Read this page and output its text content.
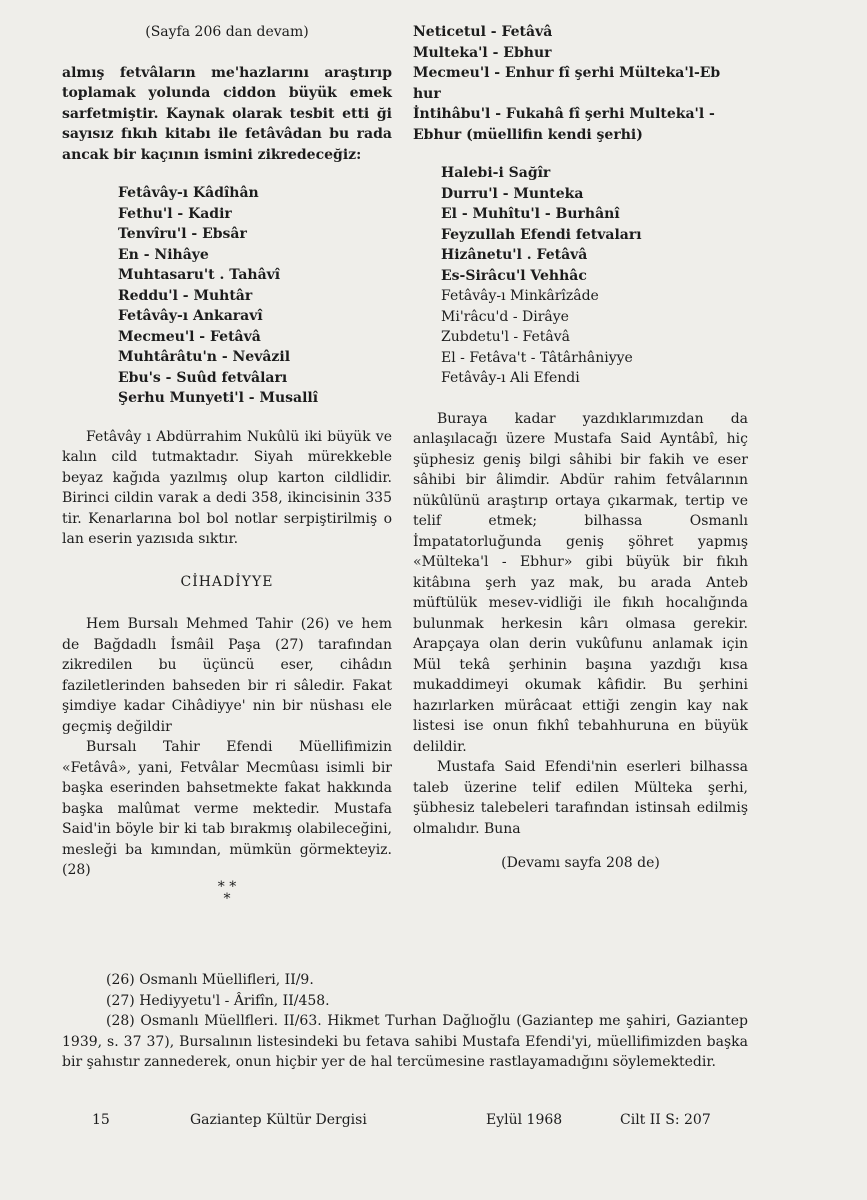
(Sayfa 206 dan devam)

almış fetvâların me'hazlarını araştırıp toplamak yolunda ciddon büyük emek sarfetmiştir. Kaynak olarak tesbit etti ği sayısız fıkıh kitabı ile fetâvâdan bu rada ancak bir kaçının ismini zikredeceğiz:

Fetâvây-ı Kâdîhân
Fethu'l - Kadir
Tenvîru'l - Ebsâr
En - Nihâye
Muhtasaru't . Tahâvî
Reddu'l - Muhtâr
Fetâvây-ı Ankaravî
Mecmeu'l - Fetâvâ
Muhtârâtu'n - Nevâzil
Ebu's - Suûd fetvâları
Şerhu Munyeti'l - Musallî

Fetâvây ı Abdürrahim Nukûlü iki büyük ve kalın cild tutmaktadır. Siyah mürekkeble beyaz kağıda yazılmış olup karton cildlidir. Birinci cildin varak a dedi 358, ikincisinin 335 tir. Kenarlarına bol bol notlar serpiştirilmiş o lan eserin yazısıda sıktır.

CİHADİYYE

Hem Bursalı Mehmed Tahir (26) ve hem de Bağdadlı İsmâil Paşa (27) tarafından zikredilen bu üçüncü eser, cihâdın faziletlerinden bahseden bir ri sâledir. Fakat şimdiye kadar Cihâdiyye' nin bir nüshası ele geçmiş değildir

Bursalı Tahir Efendi Müellifimizin «Fetâvâ», yani, Fetvâlar Mecmûası isimli bir başka eserinden bahsetmekte fakat hakkında başka malûmat verme mektedir. Mustafa Said'in böyle bir ki tab bırakmış olabileceğini, mesleği ba kımından, mümkün görmekteyiz. (28)

* *
*

Neticetul - Fetâvâ
Multeka'l - Ebhur
Mecmeu'l - Enhur fî şerhi Mülteka'l-Eb hur
İntihâbu'l - Fukahâ fî şerhi Multeka'l - Ebhur (müellifin kendi şerhi)
Halebi-i Sağîr
Durru'l - Munteka
El - Muhîtu'l - Burhânî
Feyzullah Efendi fetvaları
Hizânetu'l . Fetâvâ
Es-Sirâcu'l Vehhâc
Fetâvây-ı Minkârîzâde
Mi'râcu'd - Dirâye
Zubdetu'l - Fetâvâ
El - Fetâva't - Tâtârhâniyye
Fetâvây-ı Ali Efendi

Buraya kadar yazdıklarımızdan da anlaşılacağı üzere Mustafa Said Ayntâbî, hiç şüphesiz geniş bilgi sâhibi bir fakih ve eser sâhibi bir âlimdir. Abdür rahim fetvâlarının nükûlünü araştırıp ortaya çıkarmak, tertip ve telif etmek; bilhassa Osmanlı İmpatatorluğunda geniş şöhret yapmış «Mülteka'l - Ebhur» gibi büyük bir fıkıh kitâbına şerh yaz mak, bu arada Anteb müftülük mesev-vidliği ile fıkıh hocalığında bulunmak herkesin kârı olmasa gerekir. Arapçaya olan derin vukûfunu anlamak için Mül tekâ şerhinin başına yazdığı kısa mukaddimeyi okumak kâfidir. Bu şerhini hazırlarken mürâcaat ettiği zengin kay nak listesi ise onun fıkhî tebahhuruna en büyük delildir.

Mustafa Said Efendi'nin eserleri bilhassa taleb üzerine telif edilen Mülteka şerhi, şübhesiz talebeleri tarafından istinsah edilmiş olmalıdır. Buna

(Devamı sayfa 208 de)

(26) Osmanlı Müellifleri, II/9.

(27) Hediyyetu'l - Ârifîn, II/458.

(28) Osmanlı Müellfleri. II/63. Hikmet Turhan Dağlıoğlu (Gaziantep me şahiri, Gaziantep 1939, s. 37 37), Bursalının listesindeki bu fetava sahibi Mustafa Efendi'yi, müellifimizden başka bir şahıstır zannederek, onun hiçbir yer de hal tercümesine rastlayamadığını söylemektedir.

15	Gaziantep Kültür Dergisi	Eylül 1968	Cilt II S: 207
